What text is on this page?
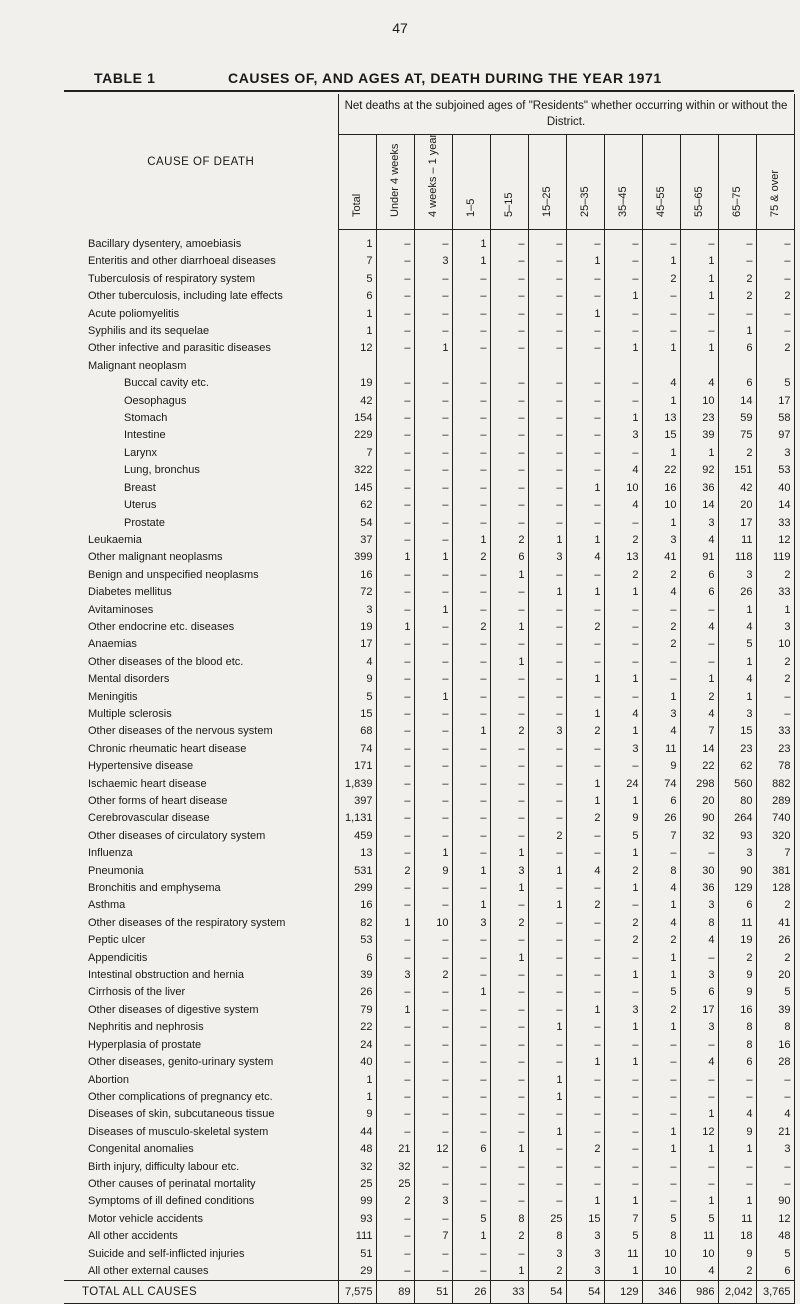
47
TABLE 1	CAUSES OF, AND AGES AT, DEATH DURING THE YEAR 1971

CAUSE OF DEATH	Net deaths at the subjoined ages of "Residents" whether occurring within or without the District.											

	Total	Under 4 weeks	4 weeks – 1 year	1–5	5–15	15–25	25–35	35–45	45–55	55–65	65–75	75 & over

Bacillary dysentery, amoebiasis	1	–	–	1	–	–	–	–	–	–	–	–
Enteritis and other diarrhoeal diseases	7	–	3	1	–	–	1	–	1	1	–	–
Tuberculosis of respiratory system	5	–	–	–	–	–	–	–	2	1	2	–
Other tuberculosis, including late effects	6	–	–	–	–	–	–	1	–	1	2	2
Acute poliomyelitis	1	–	–	–	–	–	1	–	–	–	–	–
Syphilis and its sequelae	1	–	–	–	–	–	–	–	–	–	1	–
Other infective and parasitic diseases	12	–	1	–	–	–	–	1	1	1	6	2
Malignant neoplasm												
Buccal cavity etc.	19	–	–	–	–	–	–	–	4	4	6	5
Oesophagus	42	–	–	–	–	–	–	–	1	10	14	17
Stomach	154	–	–	–	–	–	–	1	13	23	59	58
Intestine	229	–	–	–	–	–	–	3	15	39	75	97
Larynx	7	–	–	–	–	–	–	–	1	1	2	3
Lung, bronchus	322	–	–	–	–	–	–	4	22	92	151	53
Breast	145	–	–	–	–	–	1	10	16	36	42	40
Uterus	62	–	–	–	–	–	–	4	10	14	20	14
Prostate	54	–	–	–	–	–	–	–	1	3	17	33
Leukaemia	37	–	–	1	2	1	1	2	3	4	11	12
Other malignant neoplasms	399	1	1	2	6	3	4	13	41	91	118	119
Benign and unspecified neoplasms	16	–	–	–	1	–	–	2	2	6	3	2
Diabetes mellitus	72	–	–	–	–	1	1	1	4	6	26	33
Avitaminoses	3	–	1	–	–	–	–	–	–	–	1	1
Other endocrine etc. diseases	19	1	–	2	1	–	2	–	2	4	4	3
Anaemias	17	–	–	–	–	–	–	–	2	–	5	10
Other diseases of the blood etc.	4	–	–	–	1	–	–	–	–	–	1	2
Mental disorders	9	–	–	–	–	–	1	1	–	1	4	2
Meningitis	5	–	1	–	–	–	–	–	1	2	1	–
Multiple sclerosis	15	–	–	–	–	–	1	4	3	4	3	–
Other diseases of the nervous system	68	–	–	1	2	3	2	1	4	7	15	33
Chronic rheumatic heart disease	74	–	–	–	–	–	–	3	11	14	23	23
Hypertensive disease	171	–	–	–	–	–	–	–	9	22	62	78
Ischaemic heart disease	1,839	–	–	–	–	–	1	24	74	298	560	882
Other forms of heart disease	397	–	–	–	–	–	1	1	6	20	80	289
Cerebrovascular disease	1,131	–	–	–	–	–	2	9	26	90	264	740
Other diseases of circulatory system	459	–	–	–	–	2	–	5	7	32	93	320
Influenza	13	–	1	–	1	–	–	1	–	–	3	7
Pneumonia	531	2	9	1	3	1	4	2	8	30	90	381
Bronchitis and emphysema	299	–	–	–	1	–	–	1	4	36	129	128
Asthma	16	–	–	1	–	1	2	–	1	3	6	2
Other diseases of the respiratory system	82	1	10	3	2	–	–	2	4	8	11	41
Peptic ulcer	53	–	–	–	–	–	–	2	2	4	19	26
Appendicitis	6	–	–	–	1	–	–	–	1	–	2	2
Intestinal obstruction and hernia	39	3	2	–	–	–	–	1	1	3	9	20
Cirrhosis of the liver	26	–	–	1	–	–	–	–	5	6	9	5
Other diseases of digestive system	79	1	–	–	–	–	1	3	2	17	16	39
Nephritis and nephrosis	22	–	–	–	–	1	–	1	1	3	8	8
Hyperplasia of prostate	24	–	–	–	–	–	–	–	–	–	8	16
Other diseases, genito-urinary system	40	–	–	–	–	–	1	1	–	4	6	28
Abortion	1	–	–	–	–	1	–	–	–	–	–	–
Other complications of pregnancy etc.	1	–	–	–	–	1	–	–	–	–	–	–
Diseases of skin, subcutaneous tissue	9	–	–	–	–	–	–	–	–	1	4	4
Diseases of musculo-skeletal system	44	–	–	–	–	1	–	–	1	12	9	21
Congenital anomalies	48	21	12	6	1	–	2	–	1	1	1	3
Birth injury, difficulty labour etc.	32	32	–	–	–	–	–	–	–	–	–	–
Other causes of perinatal mortality	25	25	–	–	–	–	–	–	–	–	–	–
Symptoms of ill defined conditions	99	2	3	–	–	–	1	1	–	1	1	90
Motor vehicle accidents	93	–	–	5	8	25	15	7	5	5	11	12
All other accidents	111	–	7	1	2	8	3	5	8	11	18	48
Suicide and self-inflicted injuries	51	–	–	–	–	3	3	11	10	10	9	5
All other external causes	29	–	–	–	1	2	3	1	10	4	2	6
TOTAL ALL CAUSES	7,575	89	51	26	33	54	54	129	346	986	2,042	3,765
